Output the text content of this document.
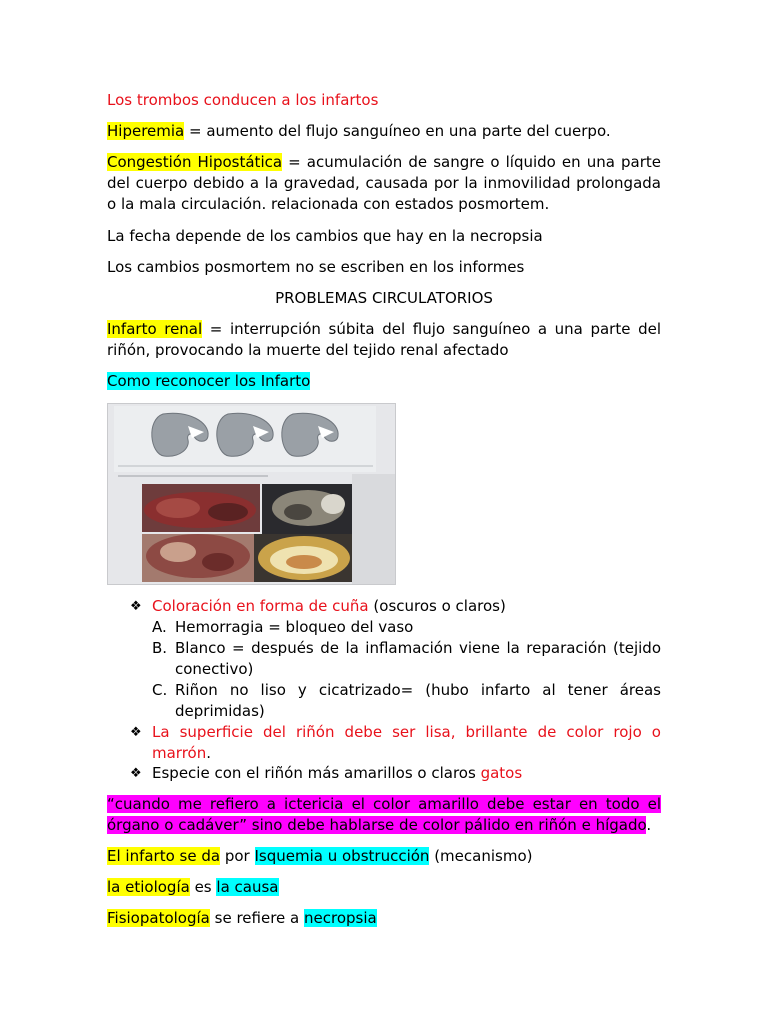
Los trombos conducen a los infartos
Hiperemia = aumento del flujo sanguíneo en una parte del cuerpo.
Congestión Hipostática = acumulación de sangre o líquido en una parte del cuerpo debido a la gravedad, causada por la inmovilidad prolongada o la mala circulación. relacionada con estados posmortem.
La fecha depende de los cambios que hay en la necropsia
Los cambios posmortem no se escriben en los informes
PROBLEMAS CIRCULATORIOS
Infarto renal = interrupción súbita del flujo sanguíneo a una parte del riñón, provocando la muerte del tejido renal afectado
Como reconocer los Infarto
❖ Coloración en forma de cuña (oscuros o claros)
A. Hemorragia = bloqueo del vaso
B. Blanco = después de la inflamación viene la reparación (tejido conectivo)
C. Riñon no liso y cicatrizado= (hubo infarto al tener áreas deprimidas)
❖ La superficie del riñón debe ser lisa, brillante de color rojo o marrón.
❖ Especie con el riñón más amarillos o claros gatos
“cuando me refiero a ictericia el color amarillo debe estar en todo el órgano o cadáver” sino debe hablarse de color pálido en riñón e hígado.
El infarto se da por Isquemia u obstrucción (mecanismo)
la etiología es la causa
Fisiopatología se refiere a necropsia
